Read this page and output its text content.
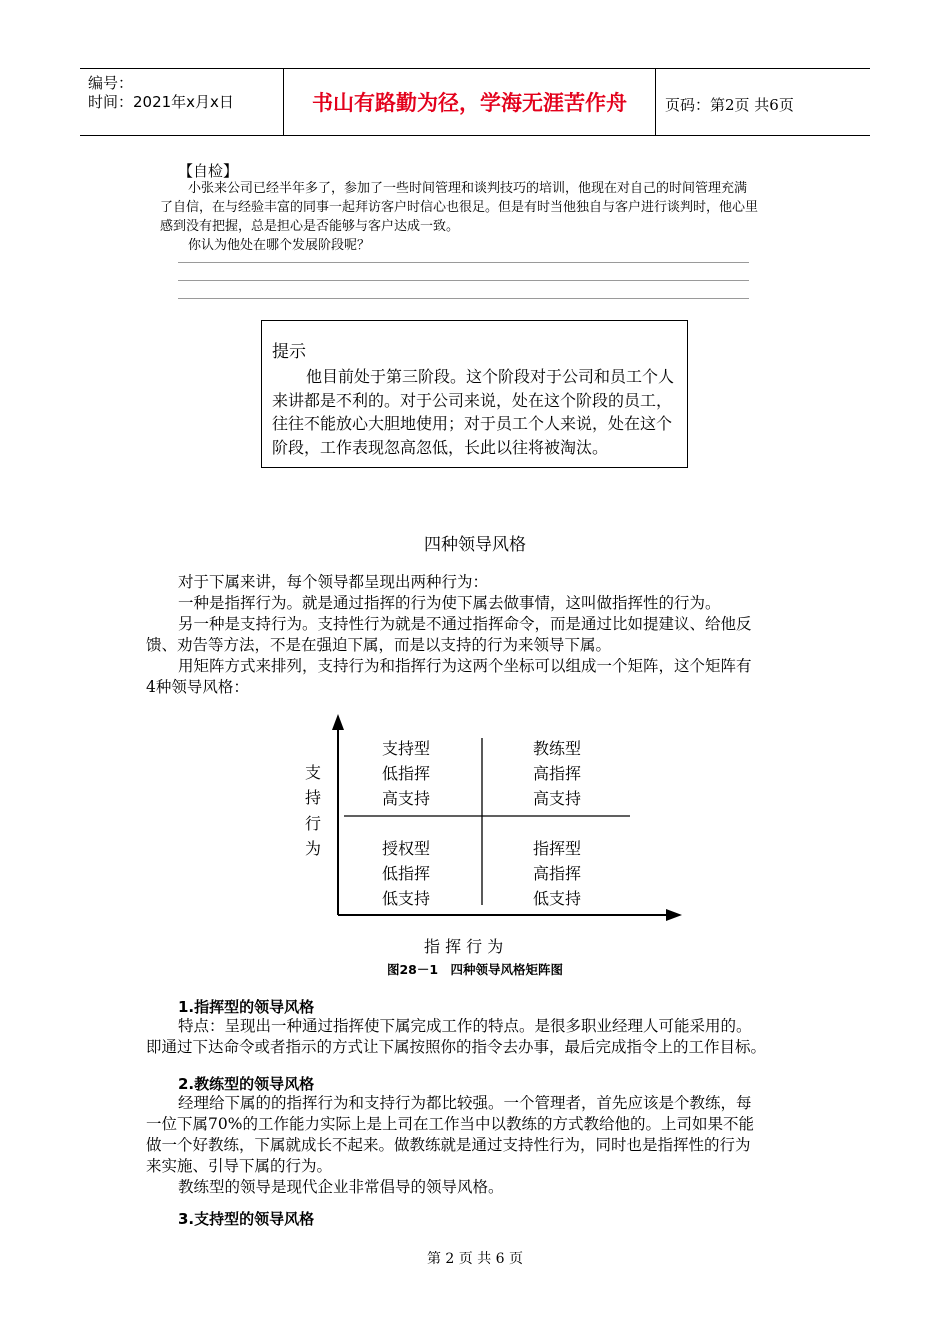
编号：
时间：2021年x月x日	书山有路勤为径，学海无涯苦作舟	页码：第2页 共6页
【自检】
小张来公司已经半年多了，参加了一些时间管理和谈判技巧的培训，他现在对自己的时间管理充满
了自信，在与经验丰富的同事一起拜访客户时信心也很足。但是有时当他独自与客户进行谈判时，他心里
感到没有把握，总是担心是否能够与客户达成一致。
你认为他处在哪个发展阶段呢？
提示
他目前处于第三阶段。这个阶段对于公司和员工个人来讲都是不利的。对于公司来说，处在这个阶段的员工，往往不能放心大胆地使用；对于员工个人来说，处在这个阶段，工作表现忽高忽低，长此以往将被淘汰。
四种领导风格
对于下属来讲，每个领导都呈现出两种行为：
一种是指挥行为。就是通过指挥的行为使下属去做事情，这叫做指挥性的行为。
另一种是支持行为。支持性行为就是不通过指挥命令，而是通过比如提建议、给他反
馈、劝告等方法，不是在强迫下属，而是以支持的行为来领导下属。
用矩阵方式来排列，支持行为和指挥行为这两个坐标可以组成一个矩阵，这个矩阵有
4种领导风格：
支
持
行
为
支持型
低指挥
高支持
教练型
高指挥
高支持
授权型
低指挥
低支持
指挥型
高指挥
低支持
指 挥 行 为
图28－1　四种领导风格矩阵图
1.指挥型的领导风格
特点：呈现出一种通过指挥使下属完成工作的特点。是很多职业经理人可能采用的。
即通过下达命令或者指示的方式让下属按照你的指令去办事，最后完成指令上的工作目标。
2.教练型的领导风格
经理给下属的的指挥行为和支持行为都比较强。一个管理者，首先应该是个教练，每
一位下属70%的工作能力实际上是上司在工作当中以教练的方式教给他的。上司如果不能
做一个好教练，下属就成长不起来。做教练就是通过支持性行为，同时也是指挥性的行为
来实施、引导下属的行为。
教练型的领导是现代企业非常倡导的领导风格。
3.支持型的领导风格
第 2 页 共 6 页
